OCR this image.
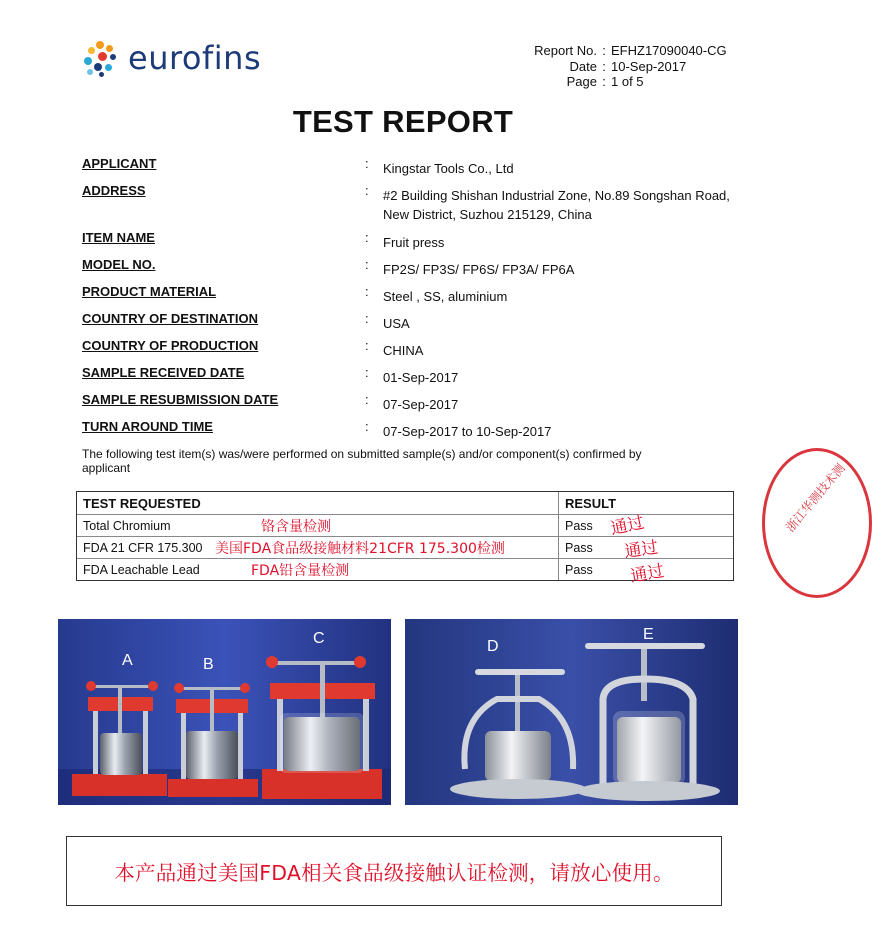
eurofins	Report No. : EFHZ17090040-CG
Date : 10-Sep-2017
Page : 1 of 5
TEST REPORT
APPLICANT	: Kingstar Tools Co., Ltd
ADDRESS	: #2 Building Shishan Industrial Zone, No.89 Songshan Road,
New District, Suzhou 215129, China
ITEM NAME	: Fruit press
MODEL NO.	: FP2S/ FP3S/ FP6S/ FP3A/ FP6A
PRODUCT MATERIAL	: Steel , SS, aluminium
COUNTRY OF DESTINATION	: USA
COUNTRY OF PRODUCTION	: CHINA
SAMPLE RECEIVED DATE	: 01-Sep-2017
SAMPLE RESUBMISSION DATE	: 07-Sep-2017
TURN AROUND TIME	: 07-Sep-2017 to 10-Sep-2017
The following test item(s) was/were performed on submitted sample(s) and/or component(s) confirmed by
applicant
TEST REQUESTED	RESULT
Total Chromium	铬含量检测	Pass
FDA 21 CFR 175.300 美国FDA食品级接触材料21CFR 175.300检测	Pass
FDA Leachable Lead	FDA铅含量检测	Pass
通过
通过
通过
浙江华测技术测
A	B
C	D
E
本产品通过美国FDA相关食品级接触认证检测，请放心使用。
